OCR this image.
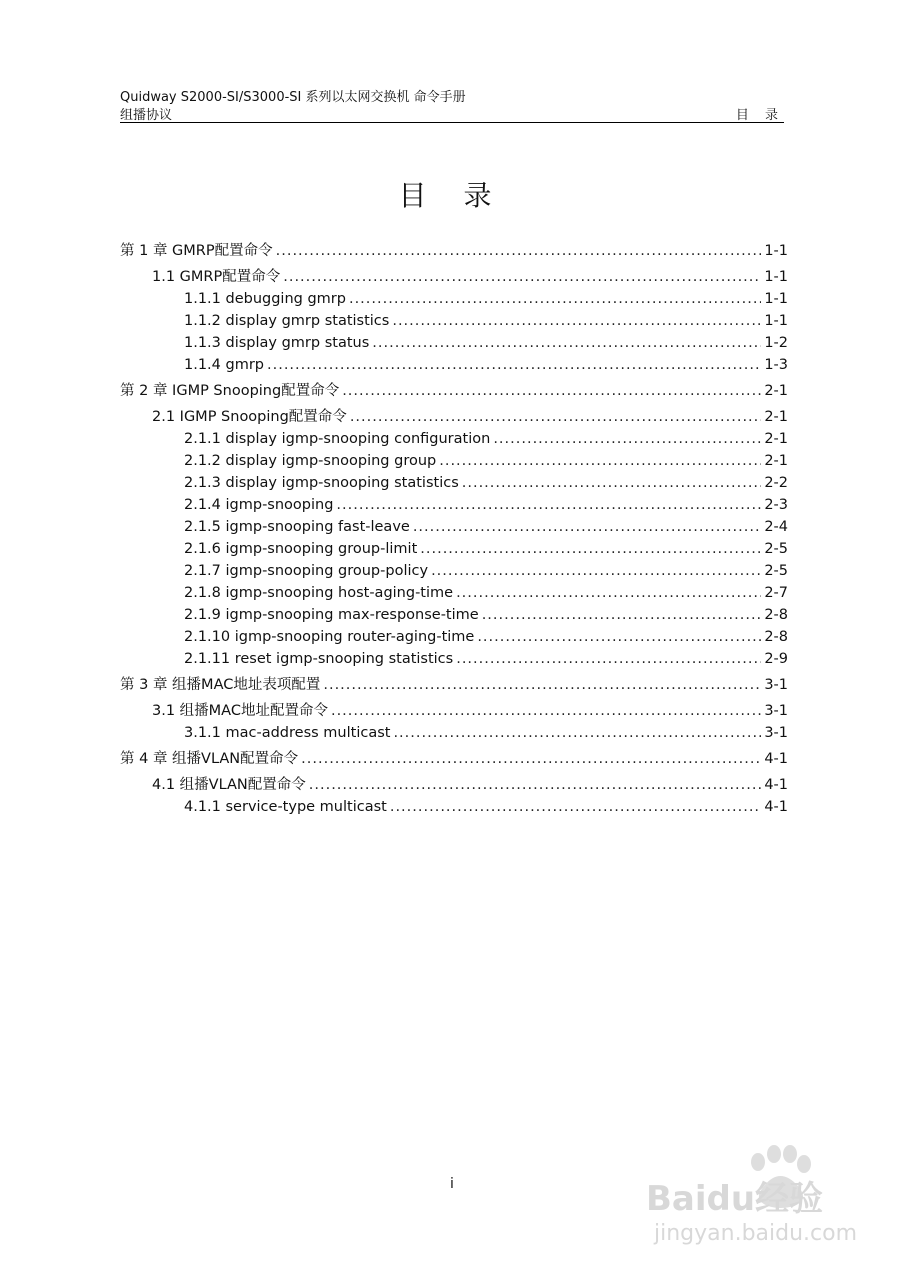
Quidway S2000-SI/S3000-SI 系列以太网交换机 命令手册
组播协议	目 录
目 录
第 1 章 GMRP配置命令 .....	1-1
1.1 GMRP配置命令 .....	1-1
1.1.1 debugging gmrp .....	1-1
1.1.2 display gmrp statistics .....	1-1
1.1.3 display gmrp status .....	1-2
1.1.4 gmrp .....	1-3
第 2 章 IGMP Snooping配置命令 .....	2-1
2.1 IGMP Snooping配置命令 .....	2-1
2.1.1 display igmp-snooping configuration .....	2-1
2.1.2 display igmp-snooping group .....	2-1
2.1.3 display igmp-snooping statistics .....	2-2
2.1.4 igmp-snooping .....	2-3
2.1.5 igmp-snooping fast-leave .....	2-4
2.1.6 igmp-snooping group-limit .....	2-5
2.1.7 igmp-snooping group-policy .....	2-5
2.1.8 igmp-snooping host-aging-time .....	2-7
2.1.9 igmp-snooping max-response-time .....	2-8
2.1.10 igmp-snooping router-aging-time .....	2-8
2.1.11 reset igmp-snooping statistics .....	2-9
第 3 章 组播MAC地址表项配置 .....	3-1
3.1 组播MAC地址配置命令 .....	3-1
3.1.1 mac-address multicast .....	3-1
第 4 章 组播VLAN配置命令 .....	4-1
4.1 组播VLAN配置命令 .....	4-1
4.1.1 service-type multicast .....	4-1
i	Baidu经验
jingyan.baidu.com
